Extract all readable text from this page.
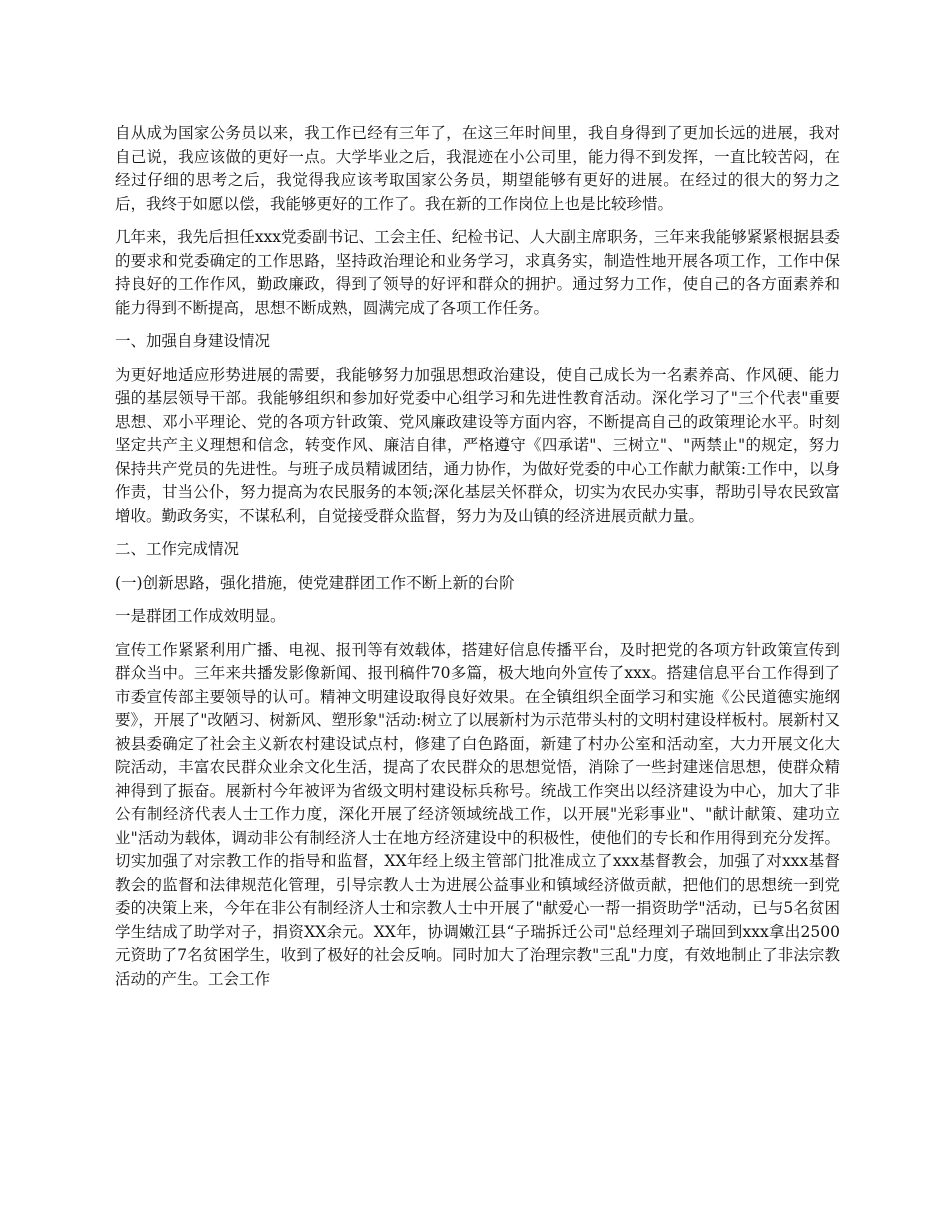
自从成为国家公务员以来，我工作已经有三年了，在这三年时间里，我自身得到了更加长远的进展，我对自己说，我应该做的更好一点。大学毕业之后，我混迹在小公司里，能力得不到发挥，一直比较苦闷，在经过仔细的思考之后，我觉得我应该考取国家公务员，期望能够有更好的进展。在经过的很大的努力之后，我终于如愿以偿，我能够更好的工作了。我在新的工作岗位上也是比较珍惜。

几年来，我先后担任xxx党委副书记、工会主任、纪检书记、人大副主席职务，三年来我能够紧紧根据县委的要求和党委确定的工作思路，坚持政治理论和业务学习，求真务实，制造性地开展各项工作，工作中保持良好的工作作风，勤政廉政，得到了领导的好评和群众的拥护。通过努力工作，使自己的各方面素养和能力得到不断提高，思想不断成熟，圆满完成了各项工作任务。

一、加强自身建设情况

为更好地适应形势进展的需要，我能够努力加强思想政治建设，使自己成长为一名素养高、作风硬、能力强的基层领导干部。我能够组织和参加好党委中心组学习和先进性教育活动。深化学习了"三个代表"重要思想、邓小平理论、党的各项方针政策、党风廉政建设等方面内容，不断提高自己的政策理论水平。时刻坚定共产主义理想和信念，转变作风、廉洁自律，严格遵守《四承诺"、三树立"、"两禁止"的规定，努力保持共产党员的先进性。与班子成员精诚团结，通力协作，为做好党委的中心工作献力献策:工作中，以身作责，甘当公仆，努力提高为农民服务的本领;深化基层关怀群众，切实为农民办实事，帮助引导农民致富增收。勤政务实，不谋私利，自觉接受群众监督，努力为及山镇的经济进展贡献力量。

二、工作完成情况

(一)创新思路，强化措施，使党建群团工作不断上新的台阶

一是群团工作成效明显。

宣传工作紧紧利用广播、电视、报刊等有效载体，搭建好信息传播平台，及时把党的各项方针政策宣传到群众当中。三年来共播发影像新闻、报刊稿件70多篇，极大地向外宣传了xxx。搭建信息平台工作得到了市委宣传部主要领导的认可。精神文明建设取得良好效果。在全镇组织全面学习和实施《公民道德实施纲要》，开展了"改陋习、树新风、塑形象"活动:树立了以展新村为示范带头村的文明村建设样板村。展新村又被县委确定了社会主义新农村建设试点村，修建了白色路面，新建了村办公室和活动室，大力开展文化大院活动，丰富农民群众业余文化生活，提高了农民群众的思想觉悟，消除了一些封建迷信思想，使群众精神得到了振奋。展新村今年被评为省级文明村建设标兵称号。统战工作突出以经济建设为中心，加大了非公有制经济代表人士工作力度，深化开展了经济领域统战工作，以开展"光彩事业"、"献计献策、建功立业"活动为载体，调动非公有制经济人士在地方经济建设中的积极性，使他们的专长和作用得到充分发挥。切实加强了对宗教工作的指导和监督，XX年经上级主管部门批准成立了xxx基督教会，加强了对xxx基督教会的监督和法律规范化管理，引导宗教人士为进展公益事业和镇域经济做贡献，把他们的思想统一到党委的决策上来，今年在非公有制经济人士和宗教人士中开展了"献爱心一帮一捐资助学"活动，已与5名贫困学生结成了助学对子，捐资XX余元。XX年，协调嫩江县“子瑞拆迁公司"总经理刘子瑞回到xxx拿出2500元资助了7名贫困学生，收到了极好的社会反响。同时加大了治理宗教"三乱"力度，有效地制止了非法宗教活动的产生。工会工作
